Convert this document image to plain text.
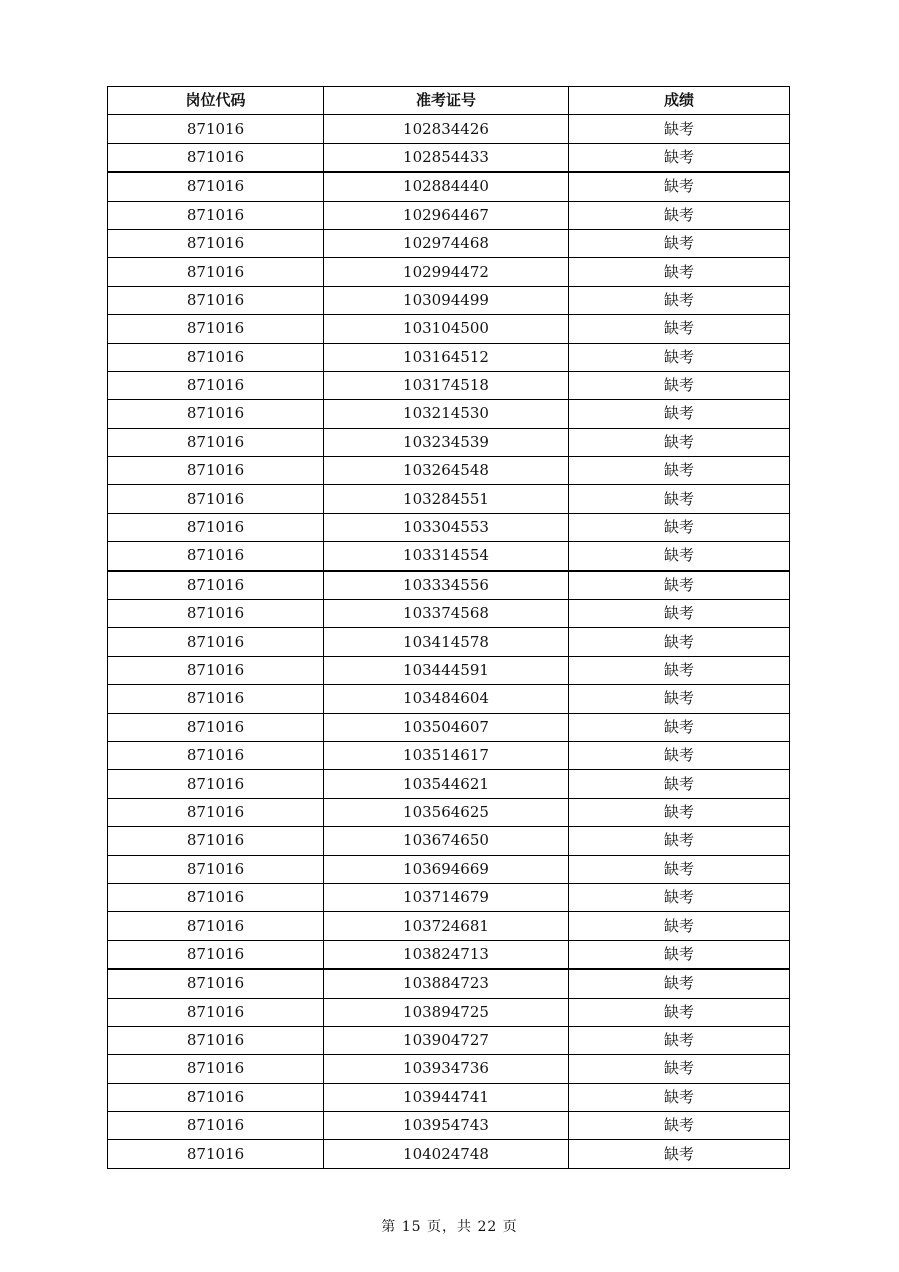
岗位代码	准考证号	成绩
871016	102834426	缺考
871016	102854433	缺考
871016	102884440	缺考
871016	102964467	缺考
871016	102974468	缺考
871016	102994472	缺考
871016	103094499	缺考
871016	103104500	缺考
871016	103164512	缺考
871016	103174518	缺考
871016	103214530	缺考
871016	103234539	缺考
871016	103264548	缺考
871016	103284551	缺考
871016	103304553	缺考
871016	103314554	缺考
871016	103334556	缺考
871016	103374568	缺考
871016	103414578	缺考
871016	103444591	缺考
871016	103484604	缺考
871016	103504607	缺考
871016	103514617	缺考
871016	103544621	缺考
871016	103564625	缺考
871016	103674650	缺考
871016	103694669	缺考
871016	103714679	缺考
871016	103724681	缺考
871016	103824713	缺考
871016	103884723	缺考
871016	103894725	缺考
871016	103904727	缺考
871016	103934736	缺考
871016	103944741	缺考
871016	103954743	缺考
871016	104024748	缺考
第 15 页，共 22 页
